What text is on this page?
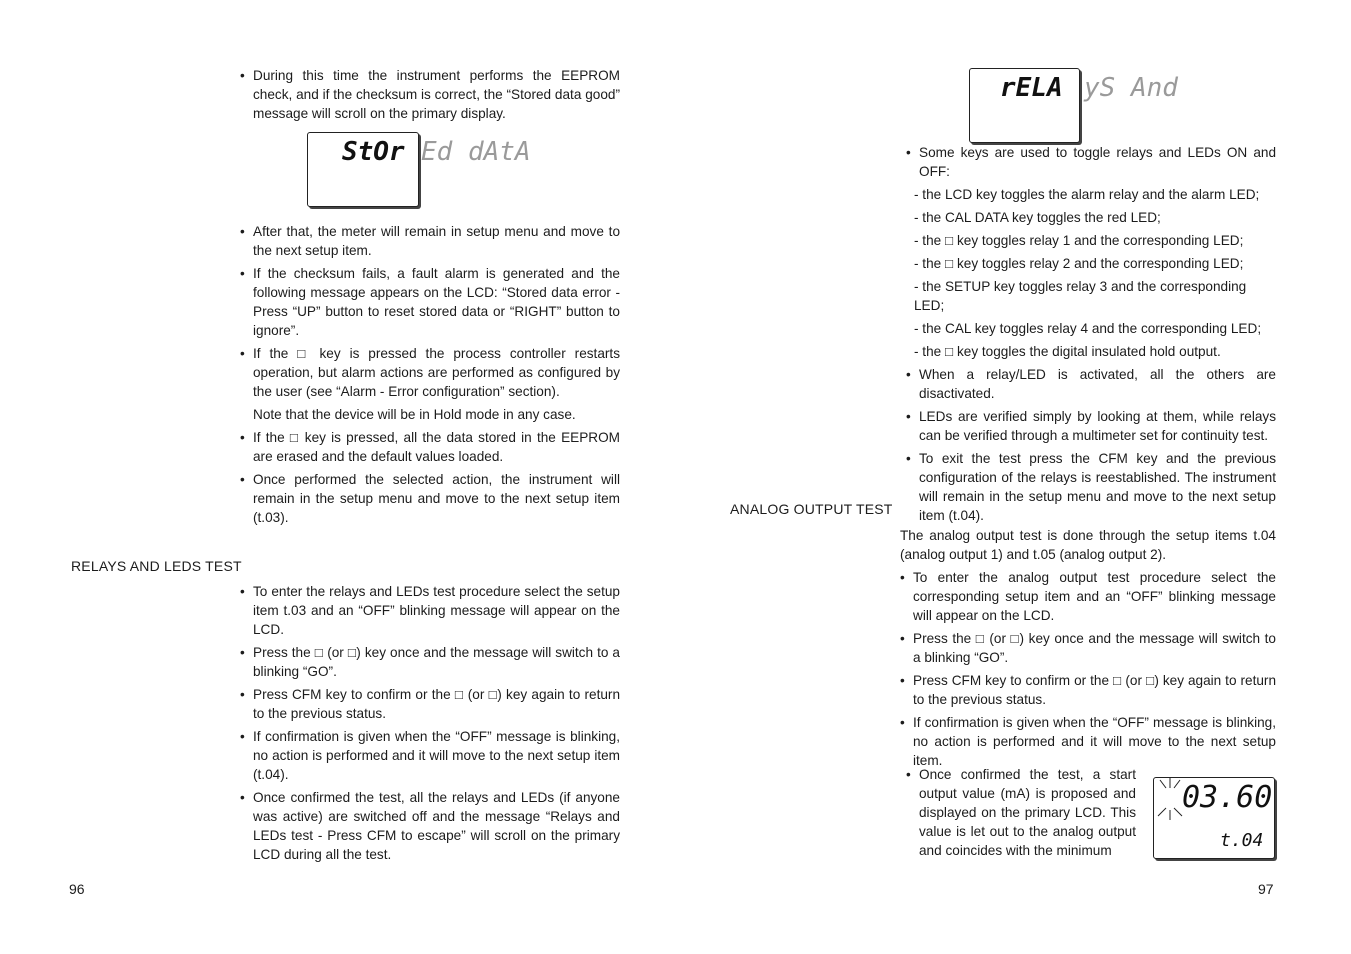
• During this time the instrument performs the EEPROM check, and if the checksum is correct, the “Stored data good” message will scroll on the primary display.

StOr Ed dAtA

• After that, the meter will remain in setup menu and move to the next setup item.

• If the checksum fails, a fault alarm is generated and the following message appears on the LCD: “Stored data error - Press “UP” button to reset stored data or “RIGHT” button to ignore”.

• If the □ key is pressed the process controller restarts operation, but alarm actions are performed as configured by the user (see “Alarm - Error configuration” section).

Note that the device will be in Hold mode in any case.

• If the □ key is pressed, all the data stored in the EEPROM are erased and the default values loaded.

• Once performed the selected action, the instrument will remain in the setup menu and move to the next setup item (t.03).

RELAYS AND LEDS TEST

• To enter the relays and LEDs test procedure select the setup item t.03 and an “OFF” blinking message will appear on the LCD.

• Press the □ (or □) key once and the message will switch to a blinking “GO”.

• Press CFM key to confirm or the □ (or □) key again to return to the previous status.

• If confirmation is given when the “OFF” message is blinking, no action is performed and it will move to the next setup item (t.04).

• Once confirmed the test, all the relays and LEDs (if anyone was active) are switched off and the message “Relays and LEDs test - Press CFM to escape” will scroll on the primary LCD during all the test.

96
rELA yS And

• Some keys are used to toggle relays and LEDs ON and OFF:

- the LCD key toggles the alarm relay and the alarm LED;

- the CAL DATA key toggles the red LED;

- the □ key toggles relay 1 and the corresponding LED;

- the □ key toggles relay 2 and the corresponding LED;

- the SETUP key toggles relay 3 and the corresponding LED;

- the CAL key toggles relay 4 and the corresponding LED;

- the □ key toggles the digital insulated hold output.

• When a relay/LED is activated, all the others are disactivated.

• LEDs are verified simply by looking at them, while relays can be verified through a multimeter set for continuity test.

• To exit the test press the CFM key and the previous configuration of the relays is reestablished. The instrument will remain in the setup menu and move to the next setup item (t.04).

ANALOG OUTPUT TEST

The analog output test is done through the setup items t.04 (analog output 1) and t.05 (analog output 2).

• To enter the analog output test procedure select the corresponding setup item and an “OFF” blinking message will appear on the LCD.

• Press the □ (or □) key once and the message will switch to a blinking “GO”.

• Press CFM key to confirm or the □ (or □) key again to return to the previous status.

• If confirmation is given when the “OFF” message is blinking, no action is performed and it will move to the next setup item.

• Once confirmed the test, a start output value (mA) is proposed and displayed on the primary LCD. This value is let out to the analog output and coincides with the minimum

03.60
t.04
97
